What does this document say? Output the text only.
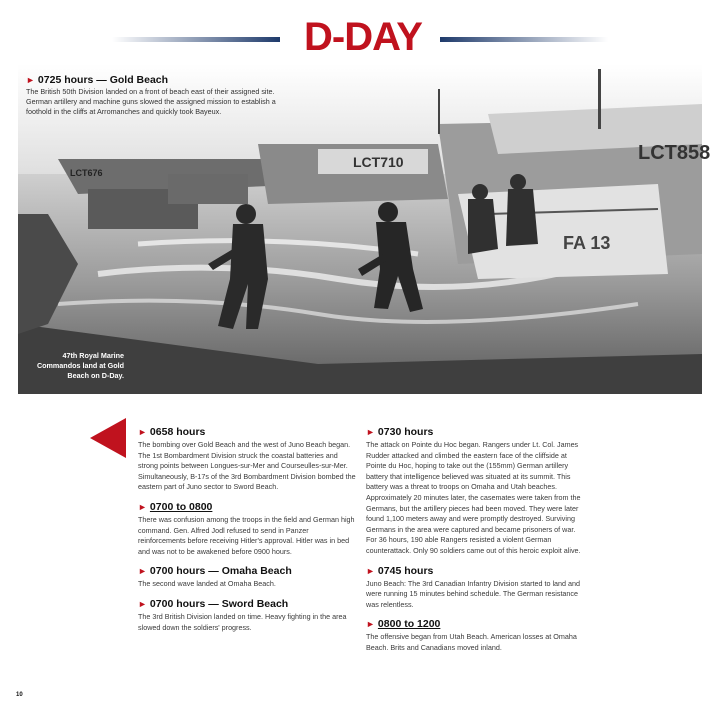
D-DAY
LCT858
LCT710
LCT676
FA 13
► 0725 hours — Gold Beach
The British 50th Division landed on a front of beach east of their assigned site. German artillery and machine guns slowed the assigned mission to establish a foothold in the cliffs at Arromanches and quickly took Bayeux.
47th Royal Marine Commandos land at Gold Beach on D-Day.
► 0658 hours
The bombing over Gold Beach and the west of Juno Beach began. The 1st Bombardment Division struck the coastal batteries and strong points between Longues-sur-Mer and Courseulles-sur-Mer. Simultaneously, B-17s of the 3rd Bombardment Division bombed the eastern part of Juno sector to Sword Beach.
► 0700 to 0800
There was confusion among the troops in the field and German high command. Gen. Alfred Jodl refused to send in Panzer reinforcements before receiving Hitler's approval. Hitler was in bed and was not to be awakened before 0900 hours.
► 0700 hours — Omaha Beach
The second wave landed at Omaha Beach.
► 0700 hours — Sword Beach
The 3rd British Division landed on time. Heavy fighting in the area slowed down the soldiers' progress.
► 0730 hours
The attack on Pointe du Hoc began. Rangers under Lt. Col. James Rudder attacked and climbed the eastern face of the cliffside at Pointe du Hoc, hoping to take out the (155mm) German artillery battery that intelligence believed was situated at its summit. This battery was a threat to troops on Omaha and Utah beaches. Approximately 20 minutes later, the casemates were taken from the Germans, but the artillery pieces had been moved. They were later found 1,100 meters away and were promptly destroyed. Surviving Germans in the area were captured and became prisoners of war. For 36 hours, 190 able Rangers resisted a violent German counterattack. Only 90 soldiers came out of this heroic exploit alive.
► 0745 hours
Juno Beach: The 3rd Canadian Infantry Division started to land and were running 15 minutes behind schedule. The German resistance was relentless.
► 0800 to 1200
The offensive began from Utah Beach. American losses at Omaha Beach. Brits and Canadians moved inland.
10
